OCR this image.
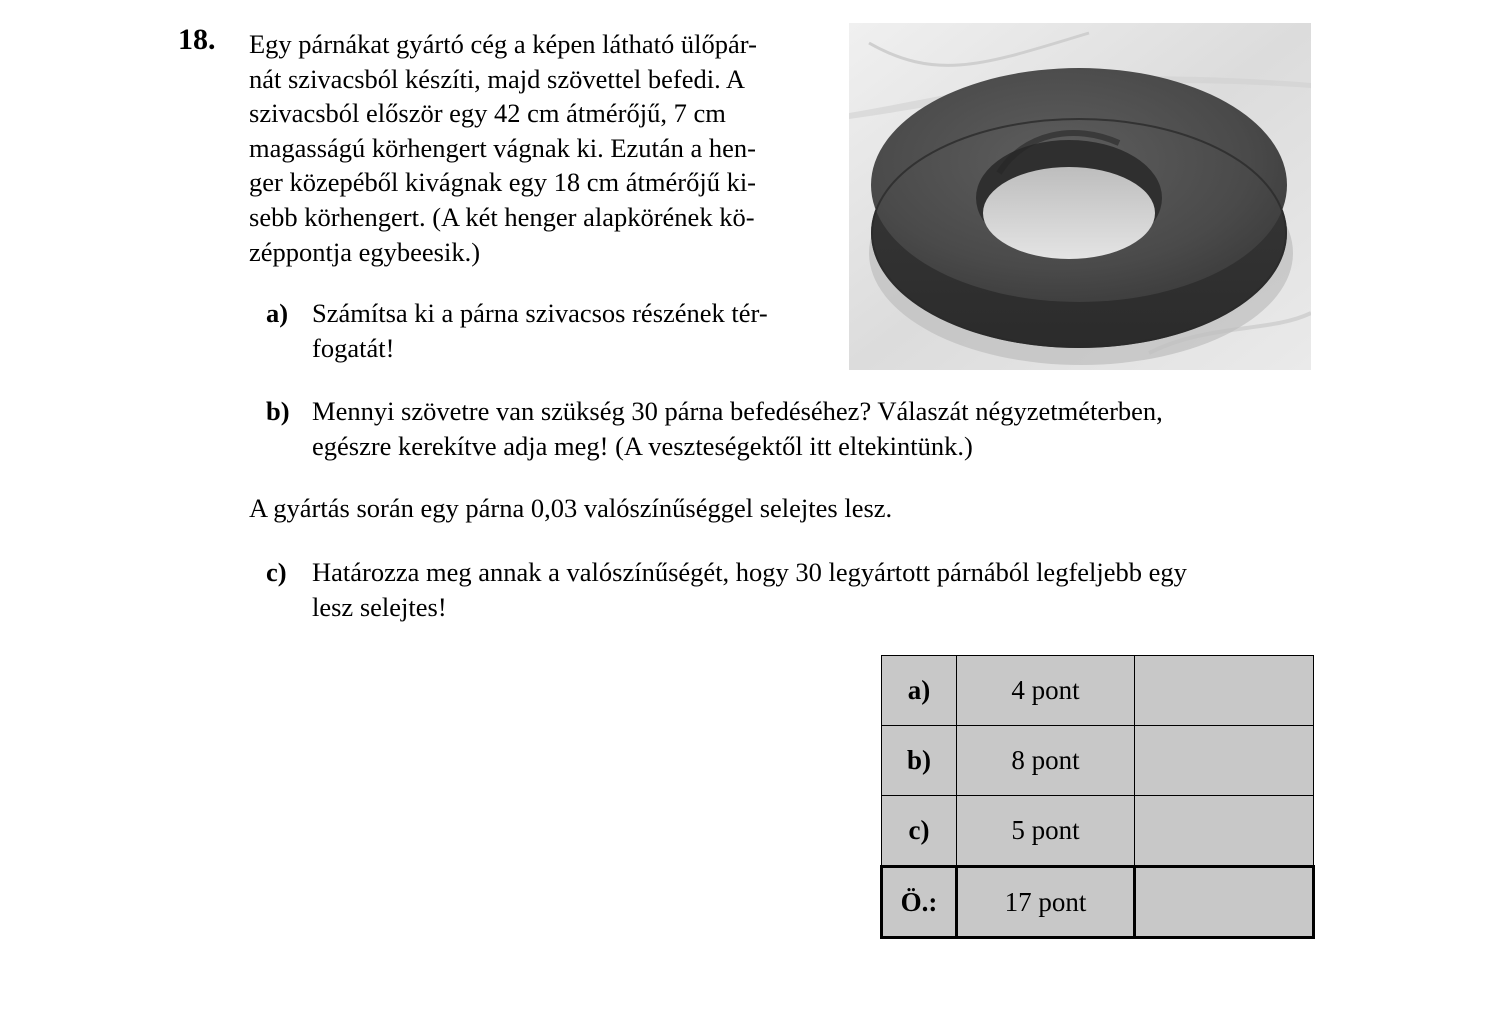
18. Egy párnákat gyártó cég a képen látható ülőpár-
nát szivacsból készíti, majd szövettel befedi. A
szivacsból először egy 42 cm átmérőjű, 7 cm
magasságú körhengert vágnak ki. Ezután a hen-
ger közepéből kivágnak egy 18 cm átmérőjű ki-
sebb körhengert. (A két henger alapkörének kö-
zéppontja egybeesik.)
a) Számítsa ki a párna szivacsos részének tér-
fogatát!
b) Mennyi szövetre van szükség 30 párna befedéséhez? Válaszát négyzetméterben,
egészre kerekítve adja meg! (A veszteségektől itt eltekintünk.)
A gyártás során egy párna 0,03 valószínűséggel selejtes lesz.
c) Határozza meg annak a valószínűségét, hogy 30 legyártott párnából legfeljebb egy
lesz selejtes!
a)	4 pont	
b)	8 pont	
c)	5 pont	
Ö.:	17 pont	
